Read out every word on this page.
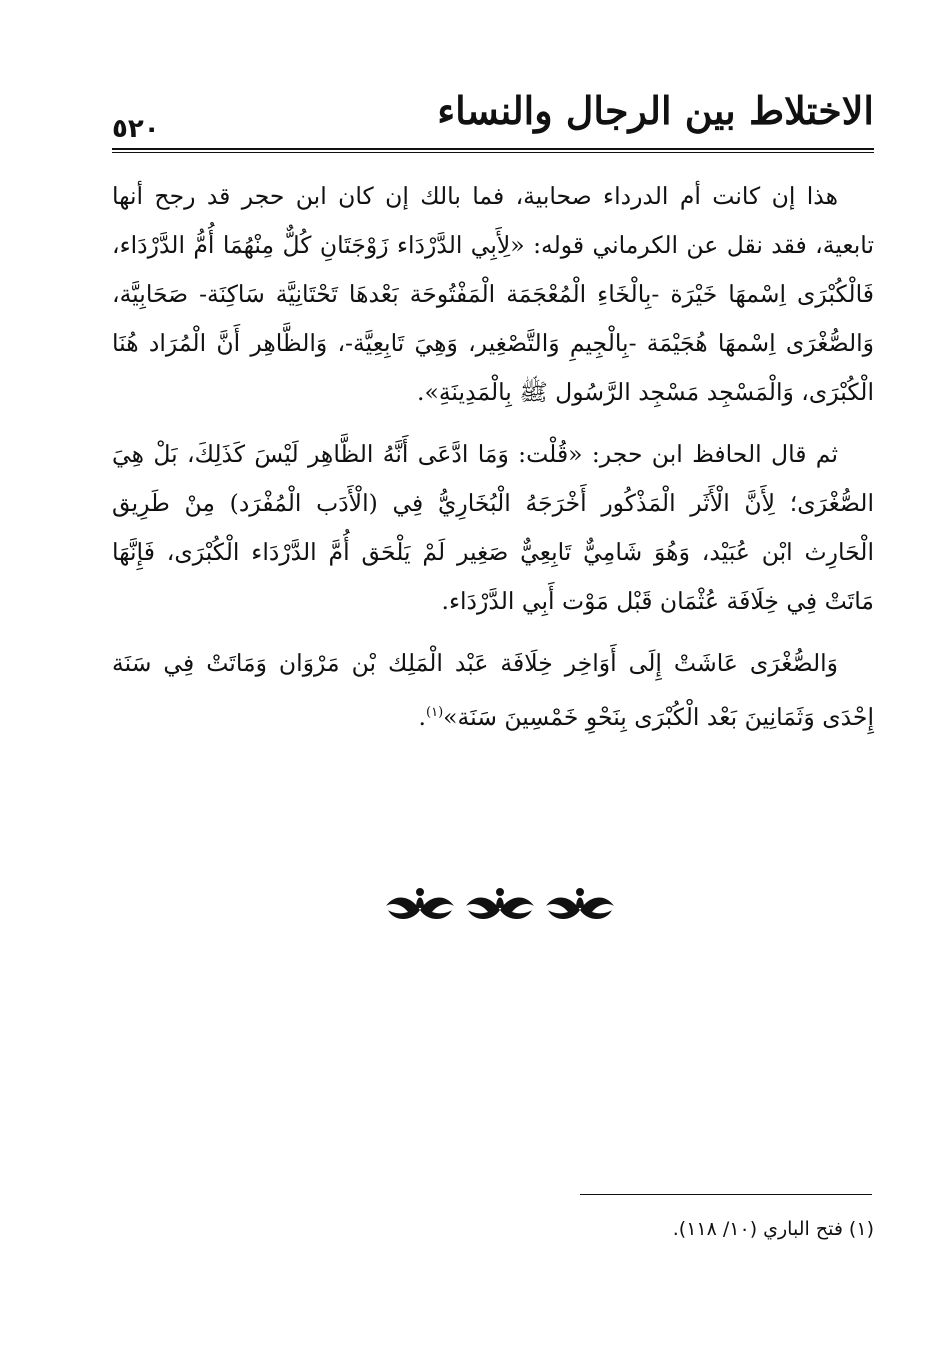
الاختلاط بين الرجال والنساء
٥٢٠

هذا إن كانت أم الدرداء صحابية، فما بالك إن كان ابن حجر قد رجح أنها تابعية، فقد نقل عن الكرماني قوله: «لِأَبِي الدَّرْدَاء زَوْجَتَانِ كُلٌّ مِنْهُمَا أُمُّ الدَّرْدَاء، فَالْكُبْرَى اِسْمهَا خَيْرَة -بِالْخَاءِ الْمُعْجَمَة الْمَفْتُوحَة بَعْدهَا تَحْتَانِيَّة سَاكِنَة- صَحَابِيَّة، وَالصُّغْرَى اِسْمهَا هُجَيْمَة -بِالْجِيمِ وَالتَّصْغِير، وَهِيَ تَابِعِيَّة-، وَالظَّاهِر أَنَّ الْمُرَاد هُنَا الْكُبْرَى، وَالْمَسْجِد مَسْجِد الرَّسُول ﷺ بِالْمَدِينَةِ».

ثم قال الحافظ ابن حجر: «قُلْت: وَمَا ادَّعَى أَنَّهُ الظَّاهِر لَيْسَ كَذَلِكَ، بَلْ هِيَ الصُّغْرَى؛ لِأَنَّ الْأَثَر الْمَذْكُور أَخْرَجَهُ الْبُخَارِيُّ فِي (الْأَدَب الْمُفْرَد) مِنْ طَرِيق الْحَارِث ابْن عُبَيْد، وَهُوَ شَامِيٌّ تَابِعِيٌّ صَغِير لَمْ يَلْحَق أُمَّ الدَّرْدَاء الْكُبْرَى، فَإِنَّهَا مَاتَتْ فِي خِلَافَة عُثْمَان قَبْل مَوْت أَبِي الدَّرْدَاء.

وَالصُّغْرَى عَاشَتْ إِلَى أَوَاخِر خِلَافَة عَبْد الْمَلِك بْن مَرْوَان وَمَاتَتْ فِي سَنَة إِحْدَى وَثَمَانِينَ بَعْد الْكُبْرَى بِنَحْوِ خَمْسِينَ سَنَة»$^{(١)}$.

(١) فتح الباري (١٠/ ١١٨).
